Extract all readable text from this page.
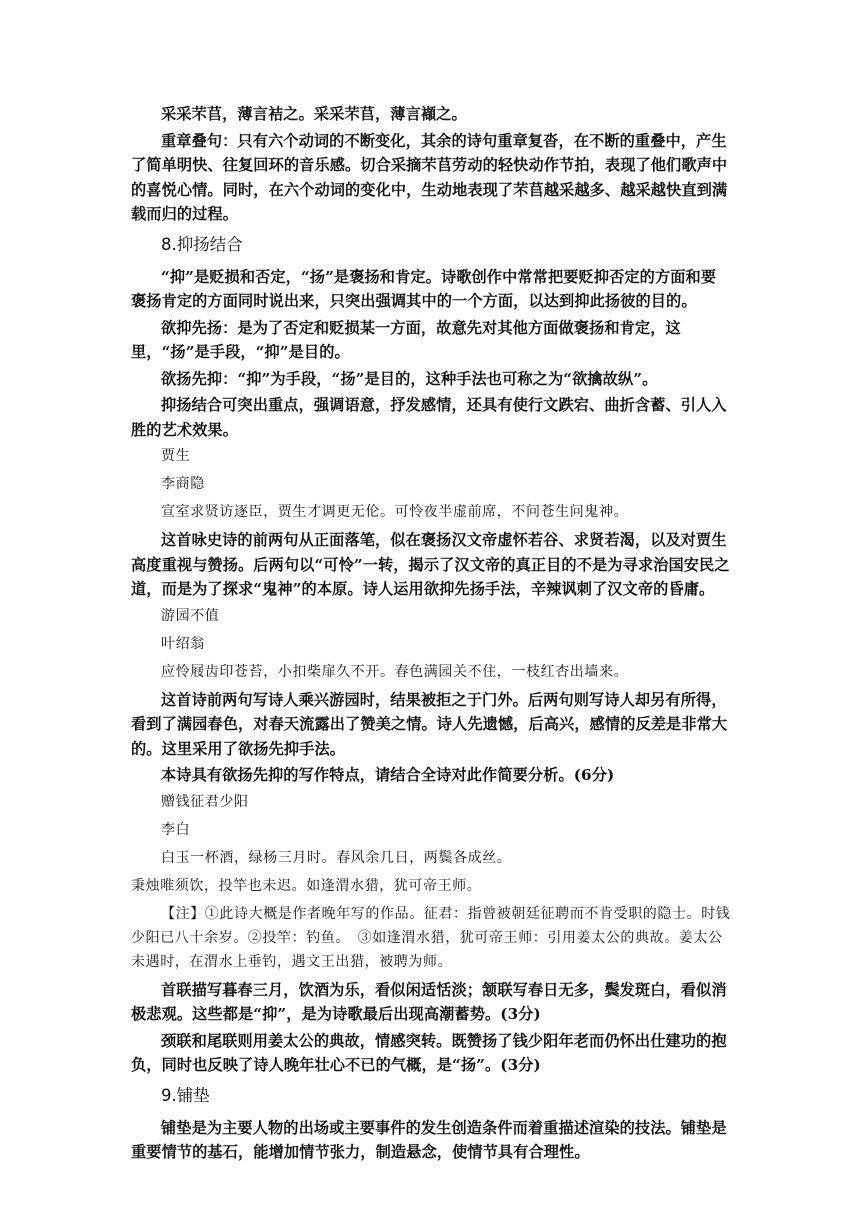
采采芣苢，薄言袺之。采采芣苢，薄言襭之。

重章叠句：只有六个动词的不断变化，其余的诗句重章复沓，在不断的重叠中，产生了简单明快、往复回环的音乐感。切合采摘芣苢劳动的轻快动作节拍，表现了他们歌声中的喜悦心情。同时，在六个动词的变化中，生动地表现了芣苢越采越多、越采越快直到满载而归的过程。

8.抑扬结合

“抑”是贬损和否定，“扬”是褒扬和肯定。诗歌创作中常常把要贬抑否定的方面和要褒扬肯定的方面同时说出来，只突出强调其中的一个方面，以达到抑此扬彼的目的。

欲抑先扬：是为了否定和贬损某一方面，故意先对其他方面做褒扬和肯定，这里，“扬”是手段，“抑”是目的。

欲扬先抑：“抑”为手段，“扬”是目的，这种手法也可称之为“欲擒故纵”。

抑扬结合可突出重点，强调语意，抒发感情，还具有使行文跌宕、曲折含蓄、引人入胜的艺术效果。

贾生

李商隐

宣室求贤访逐臣，贾生才调更无伦。可怜夜半虚前席，不问苍生问鬼神。

这首咏史诗的前两句从正面落笔，似在褒扬汉文帝虚怀若谷、求贤若渴，以及对贾生高度重视与赞扬。后两句以“可怜”一转，揭示了汉文帝的真正目的不是为寻求治国安民之道，而是为了探求“鬼神”的本原。诗人运用欲抑先扬手法，辛辣讽刺了汉文帝的昏庸。

游园不值

叶绍翁

应怜屐齿印苍苔，小扣柴扉久不开。春色满园关不住，一枝红杏出墙来。

这首诗前两句写诗人乘兴游园时，结果被拒之于门外。后两句则写诗人却另有所得，看到了满园春色，对春天流露出了赞美之情。诗人先遗憾，后高兴，感情的反差是非常大的。这里采用了欲扬先抑手法。

本诗具有欲扬先抑的写作特点，请结合全诗对此作简要分析。(6分)

赠钱征君少阳

李白

白玉一杯酒，绿杨三月时。春风余几日，两鬓各成丝。

秉烛唯须饮，投竿也未迟。如逢渭水猎，犹可帝王师。

【注】①此诗大概是作者晚年写的作品。征君：指曾被朝廷征聘而不肯受职的隐士。时钱少阳已八十余岁。②投竿：钓鱼。　③如逢渭水猎，犹可帝王师：引用姜太公的典故。姜太公未遇时，在渭水上垂钓，遇文王出猎，被聘为师。

首联描写暮春三月，饮酒为乐，看似闲适恬淡；颔联写春日无多，鬓发斑白，看似消极悲观。这些都是“抑”，是为诗歌最后出现高潮蓄势。(3分)

颈联和尾联则用姜太公的典故，情感突转。既赞扬了钱少阳年老而仍怀出仕建功的抱负，同时也反映了诗人晚年壮心不已的气概，是“扬”。(3分)

9.铺垫

铺垫是为主要人物的出场或主要事件的发生创造条件而着重描述渲染的技法。铺垫是重要情节的基石，能增加情节张力，制造悬念，使情节具有合理性。
